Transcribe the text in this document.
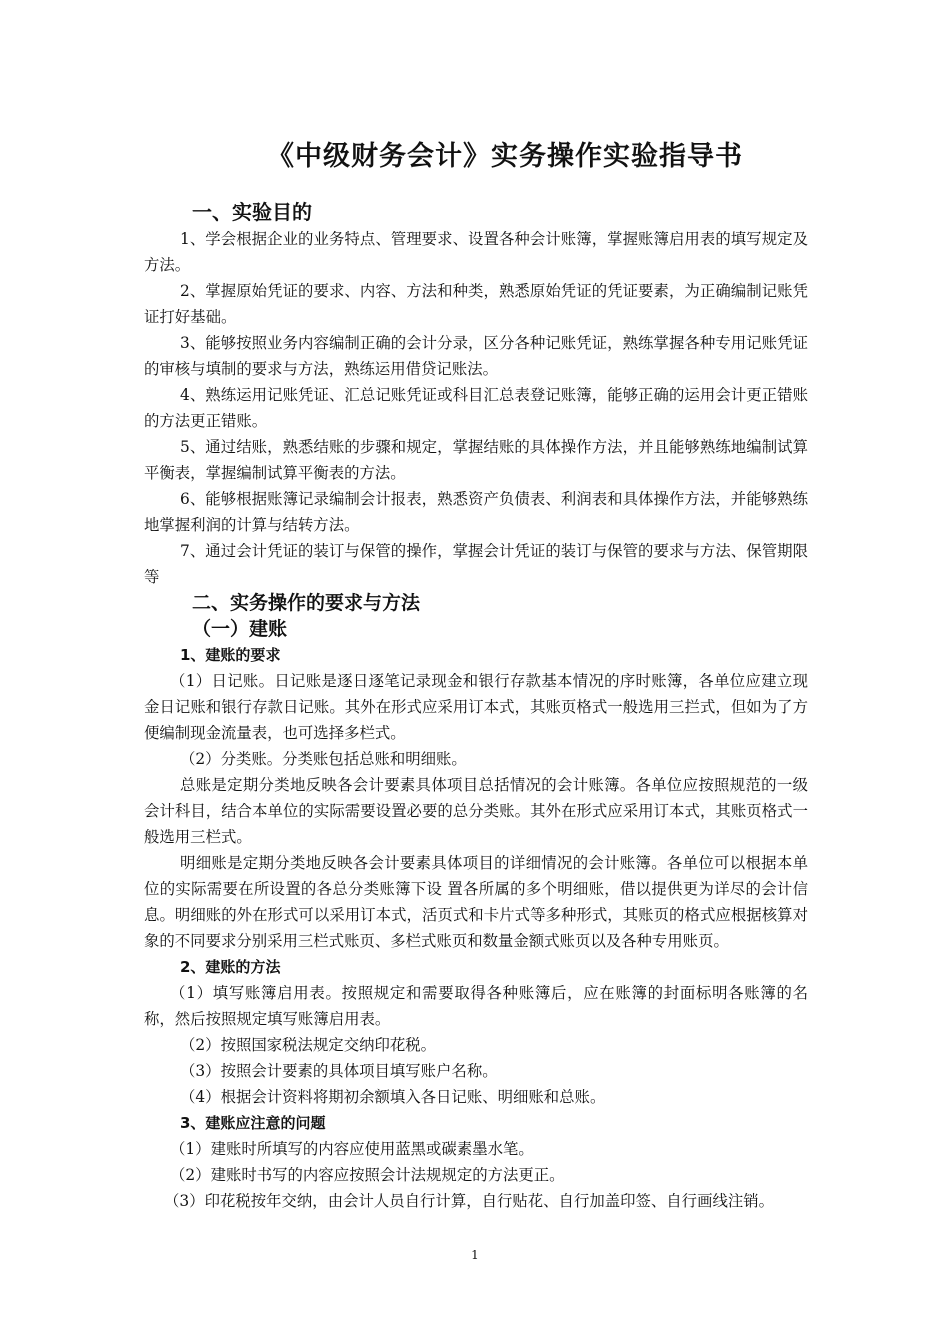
《中级财务会计》实务操作实验指导书
一、实验目的

1、学会根据企业的业务特点、管理要求、设置各种会计账簿，掌握账簿启用表的填写规定及方法。

2、掌握原始凭证的要求、内容、方法和种类，熟悉原始凭证的凭证要素，为正确编制记账凭证打好基础。

3、能够按照业务内容编制正确的会计分录，区分各种记账凭证，熟练掌握各种专用记账凭证的审核与填制的要求与方法，熟练运用借贷记账法。

4、熟练运用记账凭证、汇总记账凭证或科目汇总表登记账簿，能够正确的运用会计更正错账的方法更正错账。

5、通过结账，熟悉结账的步骤和规定，掌握结账的具体操作方法，并且能够熟练地编制试算平衡表，掌握编制试算平衡表的方法。

6、能够根据账簿记录编制会计报表，熟悉资产负债表、利润表和具体操作方法，并能够熟练地掌握利润的计算与结转方法。

7、通过会计凭证的装订与保管的操作，掌握会计凭证的装订与保管的要求与方法、保管期限等

二、实务操作的要求与方法
（一）建账
1、建账的要求

（1）日记账。日记账是逐日逐笔记录现金和银行存款基本情况的序时账簿，各单位应建立现金日记账和银行存款日记账。其外在形式应采用订本式，其账页格式一般选用三拦式，但如为了方便编制现金流量表，也可选择多栏式。

（2）分类账。分类账包括总账和明细账。

总账是定期分类地反映各会计要素具体项目总括情况的会计账簿。各单位应按照规范的一级会计科目，结合本单位的实际需要设置必要的总分类账。其外在形式应采用订本式，其账页格式一般选用三栏式。

明细账是定期分类地反映各会计要素具体项目的详细情况的会计账簿。各单位可以根据本单位的实际需要在所设置的各总分类账簿下设 置各所属的多个明细账，借以提供更为详尽的会计信息。明细账的外在形式可以采用订本式，活页式和卡片式等多种形式，其账页的格式应根据核算对象的不同要求分别采用三栏式账页、多栏式账页和数量金额式账页以及各种专用账页。

2、建账的方法

（1）填写账簿启用表。按照规定和需要取得各种账簿后，应在账簿的封面标明各账簿的名称，然后按照规定填写账簿启用表。

（2）按照国家税法规定交纳印花税。

（3）按照会计要素的具体项目填写账户名称。

（4）根据会计资料将期初余额填入各日记账、明细账和总账。

3、建账应注意的问题

（1）建账时所填写的内容应使用蓝黑或碳素墨水笔。

（2）建账时书写的内容应按照会计法规规定的方法更正。

（3）印花税按年交纳，由会计人员自行计算，自行贴花、自行加盖印签、自行画线注销。

1
